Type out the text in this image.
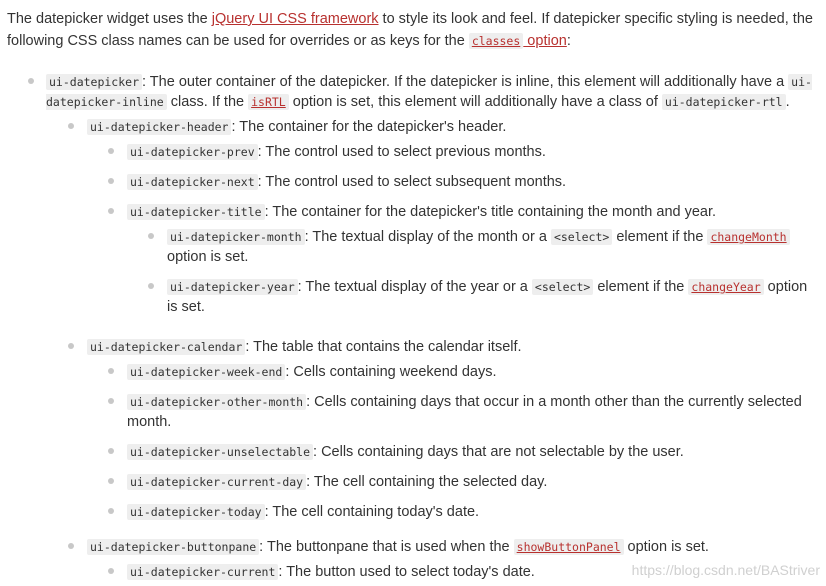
The datepicker widget uses the jQuery UI CSS framework to style its look and feel. If datepicker specific styling is needed, the following CSS class names can be used for overrides or as keys for the classes option:

ui-datepicker : The outer container of the datepicker. If the datepicker is inline, this element will additionally have a ui-datepicker-inline class. If the isRTL option is set, this element will additionally have a class of ui-datepicker-rtl .
ui-datepicker-header : The container for the datepicker's header.
ui-datepicker-prev : The control used to select previous months.
ui-datepicker-next : The control used to select subsequent months.
ui-datepicker-title : The container for the datepicker's title containing the month and year.
ui-datepicker-month : The textual display of the month or a <select> element if the changeMonth option is set.
ui-datepicker-year : The textual display of the year or a <select> element if the changeYear option is set.
ui-datepicker-calendar : The table that contains the calendar itself.
ui-datepicker-week-end : Cells containing weekend days.
ui-datepicker-other-month : Cells containing days that occur in a month other than the currently selected month.
ui-datepicker-unselectable : Cells containing days that are not selectable by the user.
ui-datepicker-current-day : The cell containing the selected day.
ui-datepicker-today : The cell containing today's date.
ui-datepicker-buttonpane : The buttonpane that is used when the showButtonPanel option is set.
ui-datepicker-current : The button used to select today's date.	https://blog.csdn.net/BAStriver
